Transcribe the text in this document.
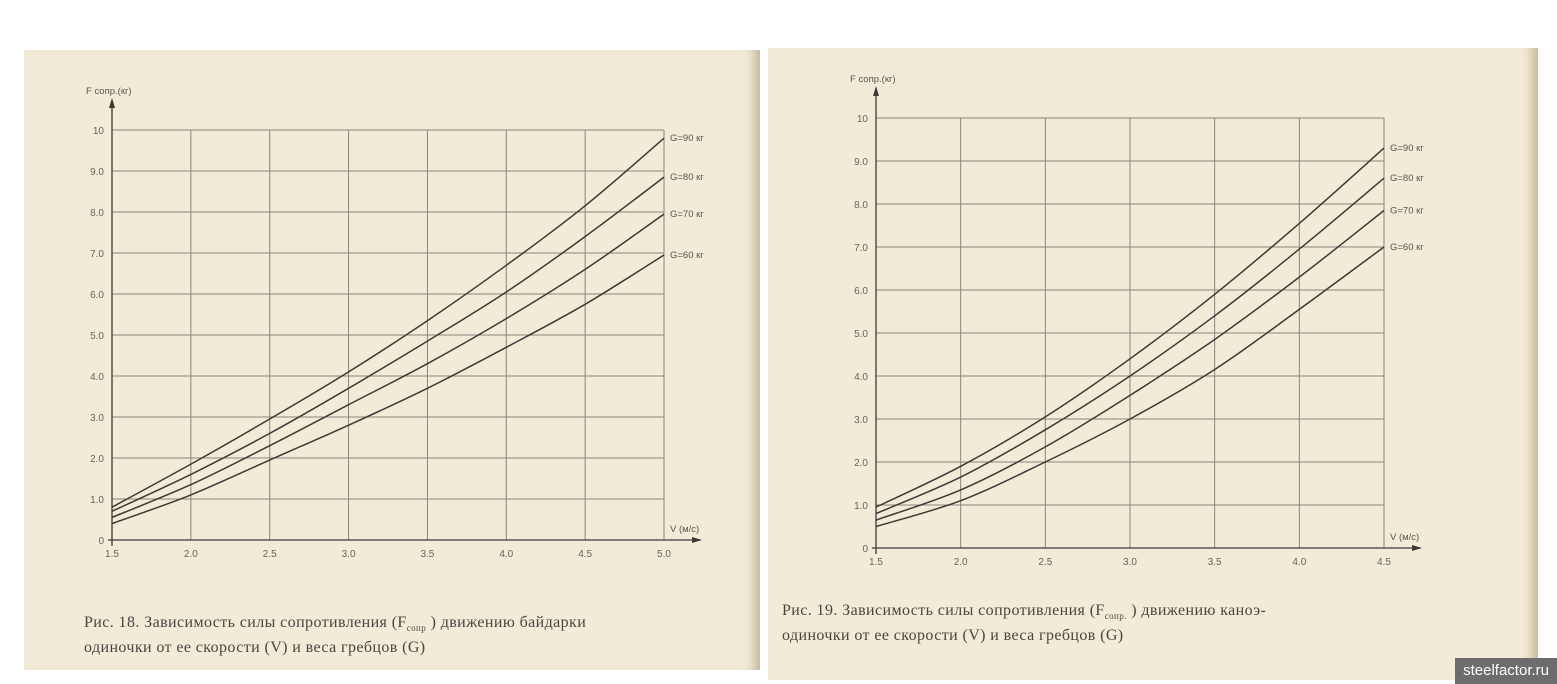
1.5	2.0	2.5	3.0	3.5	4.0	4.5	5.0
0
1.0
2.0
3.0
4.0
5.0
6.0
7.0
8.0
9.0
10
F сопр.(кг)
V (м/с)
G=90 кг
G=80 кг
G=70 кг
G=60 кг
Рис. 18. Зависимость силы сопротивления ($F_{сопр}$ ) движению байдарки
одиночки от ее скорости (V) и веса гребцов (G)
1.5	2.0	2.5	3.0	3.5	4.0	4.5
0
1.0
2.0
3.0
4.0
5.0
6.0
7.0
8.0
9.0
10
F сопр.(кг)
V (м/с)
G=90 кг
G=80 кг
G=70 кг
G=60 кг
Рис. 19. Зависимость силы сопротивления ($F_{сопр.}$ ) движению каноэ-
одиночки от ее скорости (V) и веса гребцов (G)
steelfactor.ru
